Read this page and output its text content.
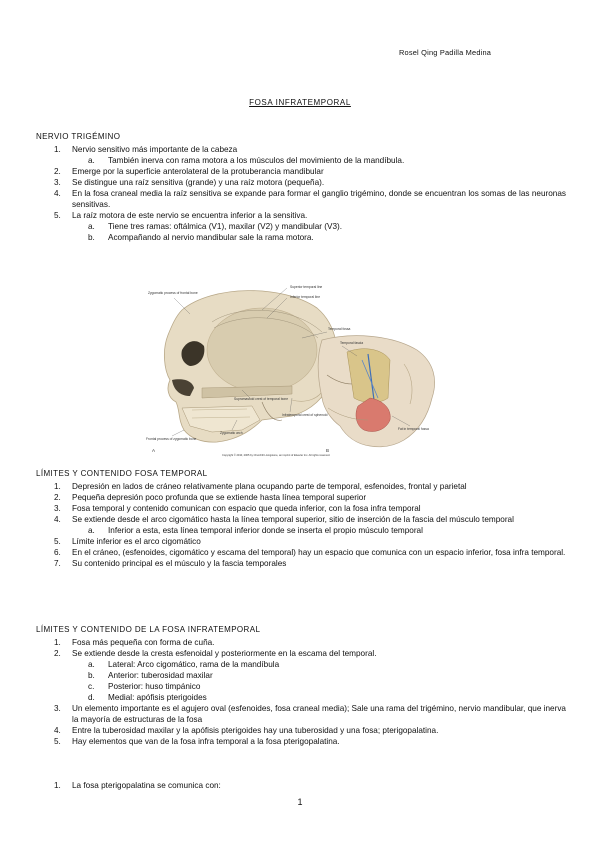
Rosel Qing Padilla Medina
FOSA INFRATEMPORAL
NERVIO TRIGÉMINO
1.	Nervio sensitivo más importante de la cabeza
a.	También inerva con rama motora a los músculos del movimiento de la mandíbula.
2.	Emerge por la superficie anterolateral de la protuberancia mandibular
3.	Se distingue una raíz sensitiva (grande) y una raíz motora (pequeña).
4.	En la fosa craneal media la raíz sensitiva se expande para formar el ganglio trigémino, donde se encuentran los somas de las neuronas sensitivas.
5.	La raíz motora de este nervio se encuentra inferior a la sensitiva.
a.	Tiene tres ramas: oftálmica (V1), maxilar (V2) y mandibular (V3).
b.	Acompañando al nervio mandibular sale la rama motora.
Zygomatic process of frontal bone
Superior temporal line
Inferior temporal line
Temporal fossa
Supramastoid crest of temporal bone
Infratemporal crest of sphenoid
Zygomatic arch
Frontal process of zygomatic bone
Temporal fascia
Fat in temporal fossa
A	B
Copyright © 2010, 2005 by Churchill Livingstone, an imprint of Elsevier Inc. All rights reserved.
LÍMITES Y CONTENIDO FOSA TEMPORAL
1.	Depresión en lados de cráneo relativamente plana ocupando parte de temporal, esfenoides, frontal y parietal
2.	Pequeña depresión poco profunda que se extiende hasta línea temporal superior
3.	Fosa temporal y contenido comunican con espacio que queda inferior, con la fosa infra temporal
4.	Se extiende desde el arco cigomático hasta la línea temporal superior, sitio de inserción de la fascia del músculo temporal
a.	Inferior a esta, esta línea temporal inferior donde se inserta el propio músculo temporal
5.	Límite inferior es el arco cigomático
6.	En el cráneo, (esfenoides, cigomático y escama del temporal) hay un espacio que comunica con un espacio inferior, fosa infra temporal.
7.	Su contenido principal es el músculo y la fascia temporales
LÍMITES Y CONTENIDO DE LA FOSA INFRATEMPORAL
1.	Fosa más pequeña con forma de cuña.
2.	Se extiende desde la cresta esfenoidal y posteriormente en la escama del temporal.
a.	Lateral: Arco cigomático, rama de la mandíbula
b.	Anterior: tuberosidad maxilar
c.	Posterior: huso timpánico
d.	Medial: apófisis pterigoides
3.	Un elemento importante es el agujero oval (esfenoides, fosa craneal media); Sale una rama del trigémino, nervio mandibular, que inerva la mayoría de estructuras de la fosa
4.	Entre la tuberosidad maxilar y la apófisis pterigoides hay una tuberosidad y una fosa; pterigopalatina.
5.	Hay elementos que van de la fosa infra temporal a la fosa pterigopalatina.
1.	La fosa pterigopalatina se comunica con:
1
